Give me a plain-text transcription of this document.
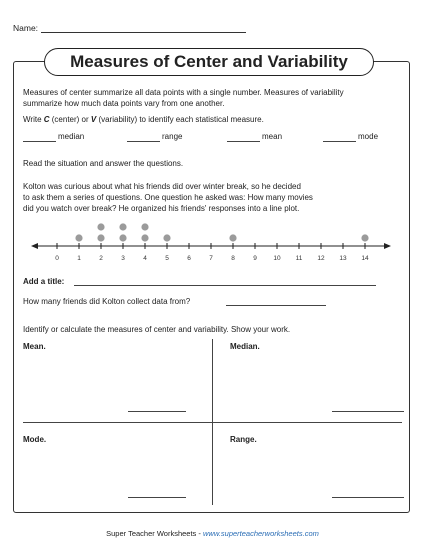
Name:
Measures of Center and Variability
Measures of center summarize all data points with a single number. Measures of variability
summarize how much data points vary from one another.
Write C (center) or V (variability) to identify each statistical measure.
median	range	mean	mode
Read the situation and answer the questions.
Kolton was curious about what his friends did over winter break, so he decided
to ask them a series of questions. One question he asked was: How many movies
did you watch over break? He organized his friends' responses into a line plot.
0	1	2	3	4	5	6	7	8	9	10 11 12 13 14
Add a title:
How many friends did Kolton collect data from?
Identify or calculate the measures of center and variability. Show your work.
Mean.	Median.
Mode.	Range.
Super Teacher Worksheets - www.superteacherworksheets.com
